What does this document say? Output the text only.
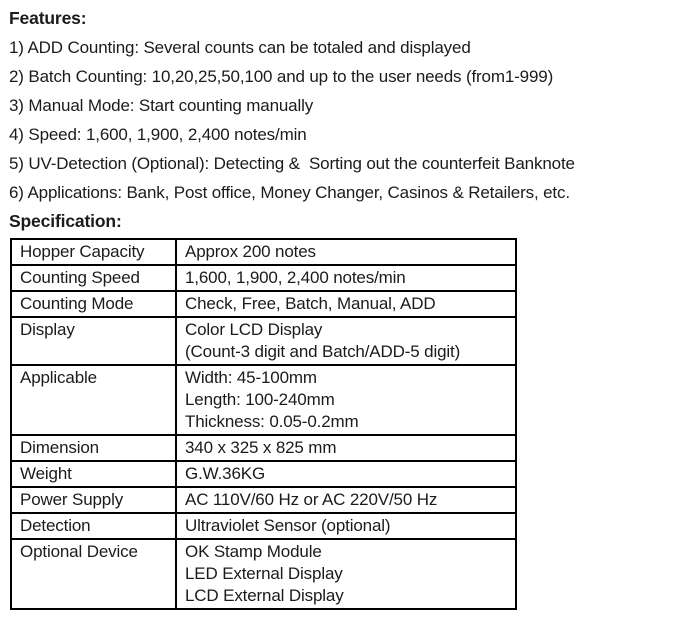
Features:
1) ADD Counting: Several counts can be totaled and displayed
2) Batch Counting: 10,20,25,50,100 and up to the user needs (from1-999)
3) Manual Mode: Start counting manually
4) Speed: 1,600, 1,900, 2,400 notes/min
5) UV-Detection (Optional): Detecting &  Sorting out the counterfeit Banknote
6) Applications: Bank, Post office, Money Changer, Casinos & Retailers, etc.
Specification:
Hopper Capacity	Approx 200 notes

Counting Speed	1,600, 1,900, 2,400 notes/min

Counting Mode	Check, Free, Batch, Manual, ADD

Display	Color LCD Display
(Count-3 digit and Batch/ADD-5 digit)

Applicable	Width: 45-100mm
Length: 100-240mm
Thickness: 0.05-0.2mm

Dimension	340 x 325 x 825 mm

Weight	G.W.36KG

Power Supply	AC 110V/60 Hz or AC 220V/50 Hz

Detection	Ultraviolet Sensor (optional)

Optional Device	OK Stamp Module
LED External Display
LCD External Display
